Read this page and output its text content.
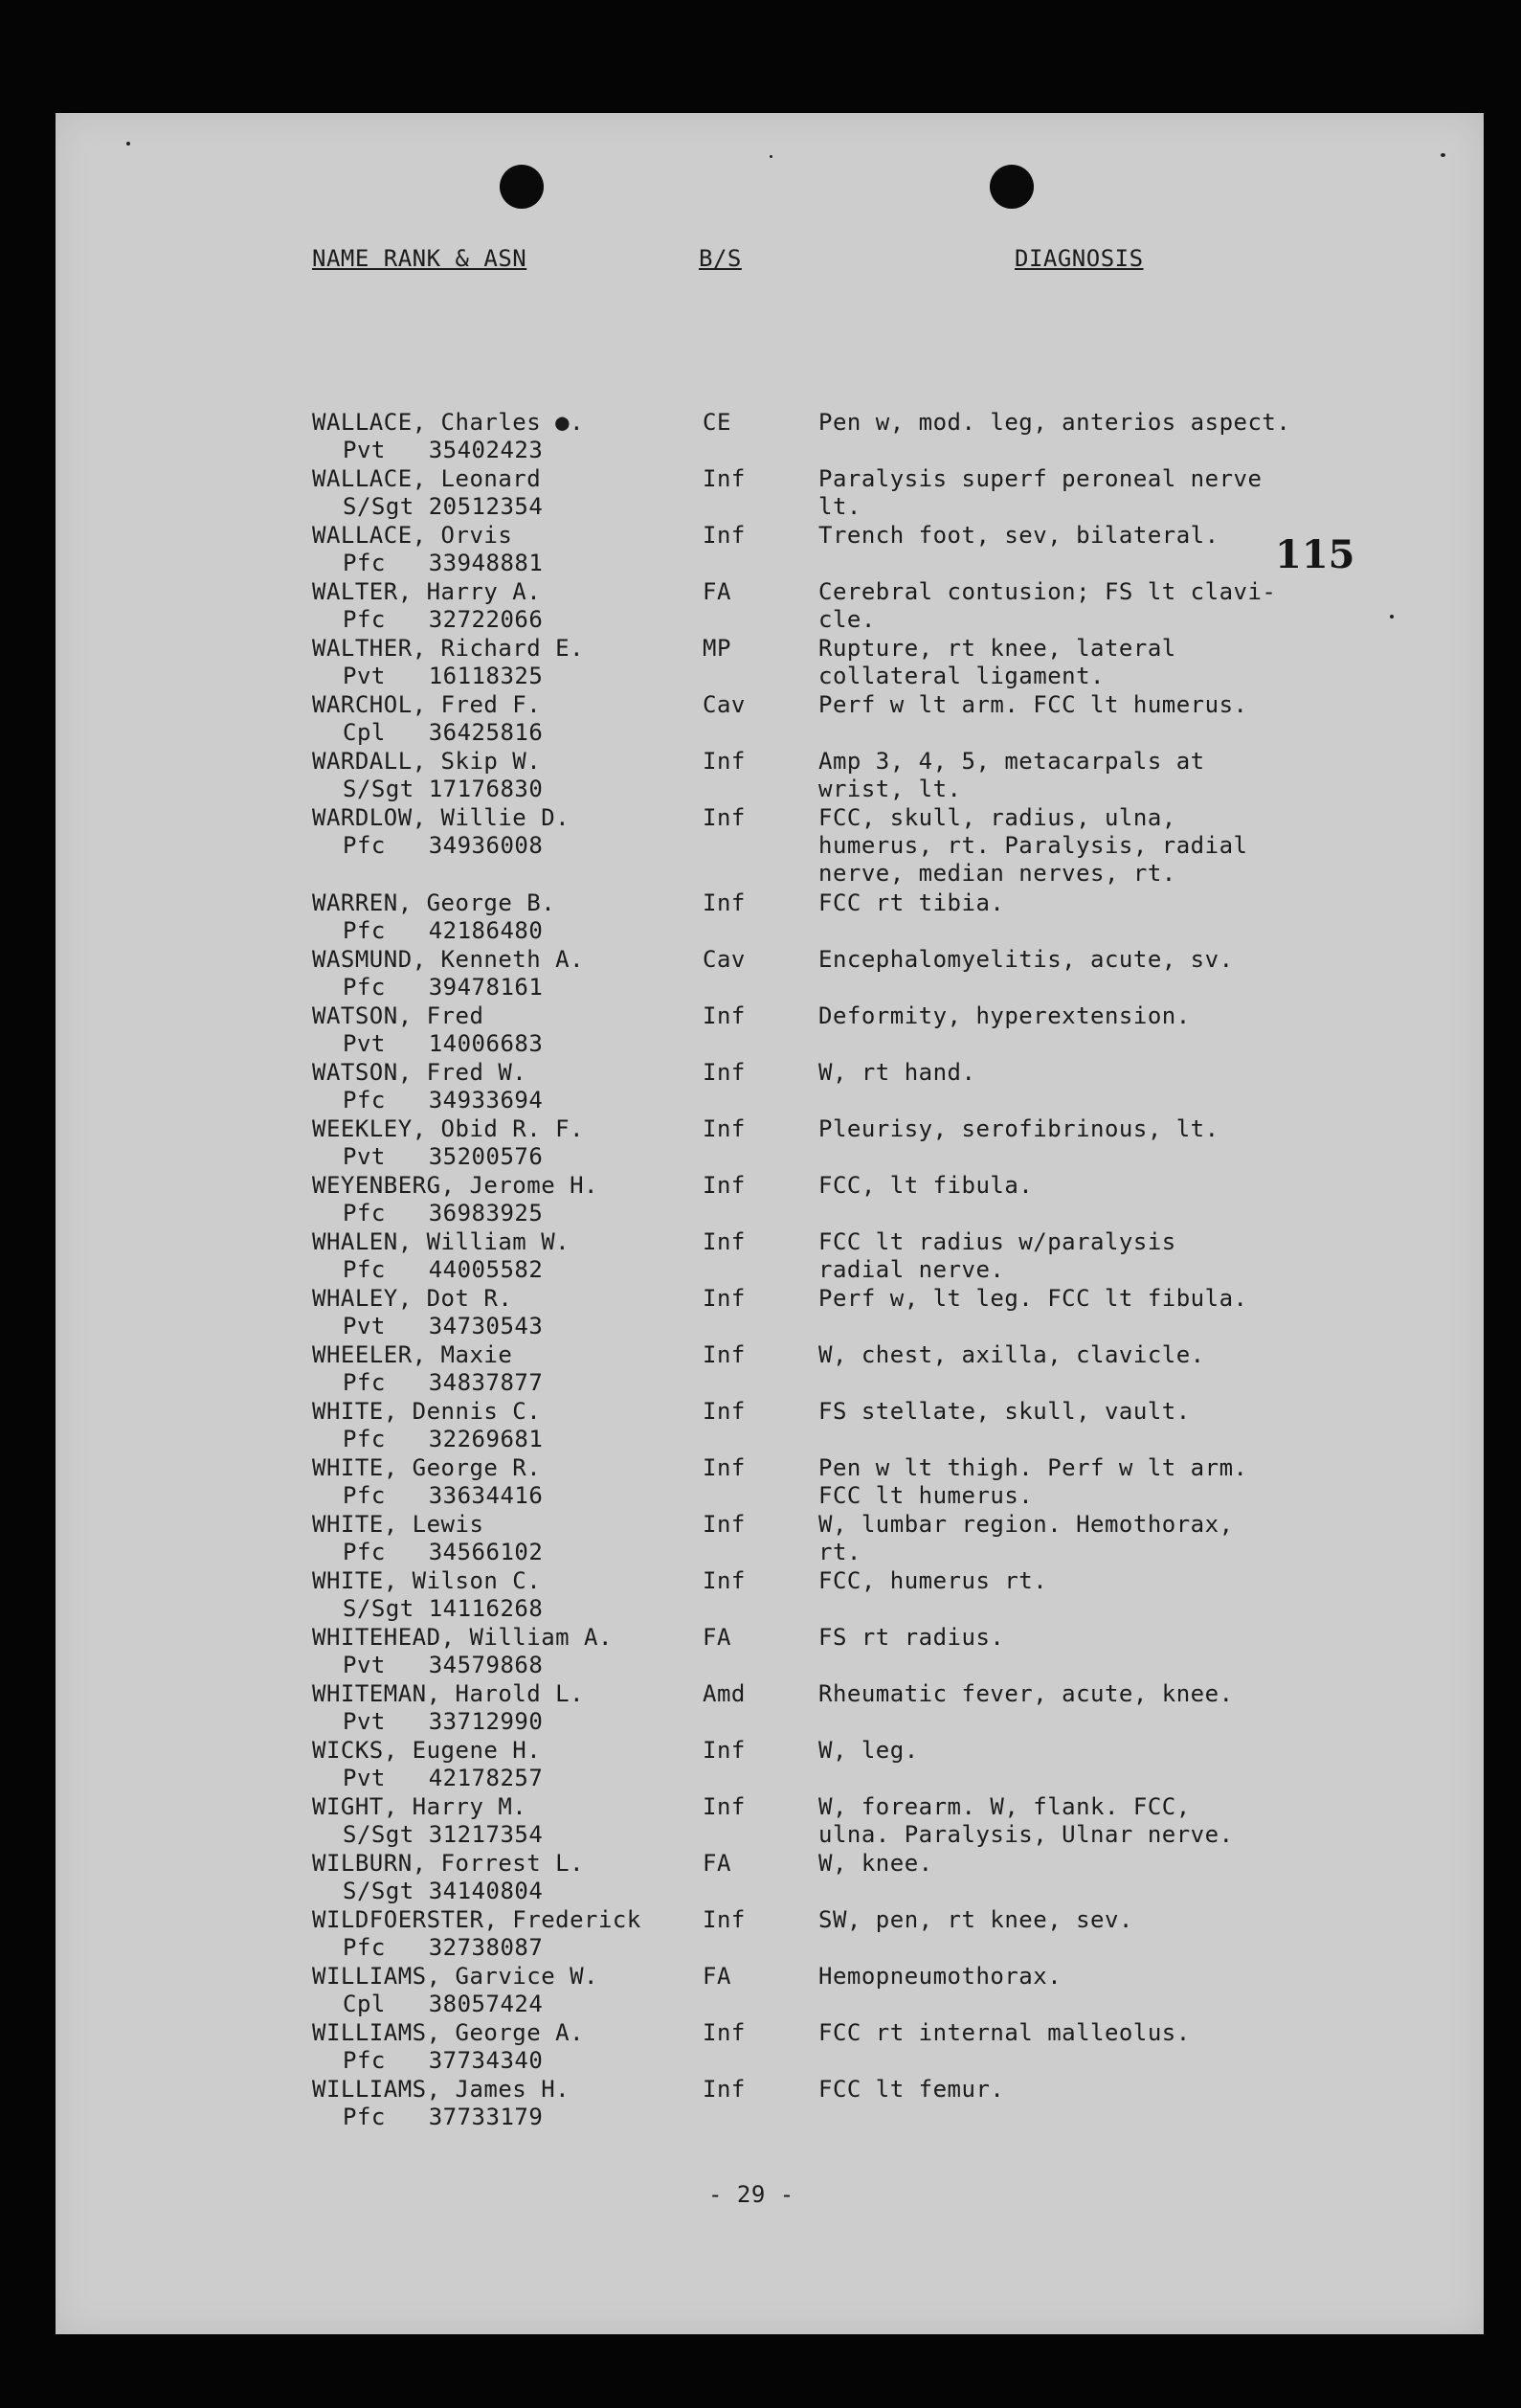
NAME RANK & ASN	B/S	DIAGNOSIS
115
WALLACE, Charles ●.
Pvt   35402423
CE	Pen w, mod. leg, anterios aspect.
WALLACE, Leonard
S/Sgt 20512354
Inf	Paralysis superf peroneal nerve
lt.
WALLACE, Orvis
Pfc   33948881
Inf	Trench foot, sev, bilateral.
WALTER, Harry A.
Pfc   32722066
FA	Cerebral contusion; FS lt clavi-
cle.
WALTHER, Richard E.
Pvt   16118325
MP	Rupture, rt knee, lateral
collateral ligament.
WARCHOL, Fred F.
Cpl   36425816
Cav	Perf w lt arm. FCC lt humerus.
WARDALL, Skip W.
S/Sgt 17176830
Inf	Amp 3, 4, 5, metacarpals at
wrist, lt.
WARDLOW, Willie D.
Pfc   34936008
Inf	FCC, skull, radius, ulna,
humerus, rt. Paralysis, radial
nerve, median nerves, rt.
WARREN, George B.
Pfc   42186480
Inf	FCC rt tibia.
WASMUND, Kenneth A.
Pfc   39478161
Cav	Encephalomyelitis, acute, sv.
WATSON, Fred
Pvt   14006683
Inf	Deformity, hyperextension.
WATSON, Fred W.
Pfc   34933694
Inf	W, rt hand.
WEEKLEY, Obid R. F.
Pvt   35200576
Inf	Pleurisy, serofibrinous, lt.
WEYENBERG, Jerome H.
Pfc   36983925
Inf	FCC, lt fibula.
WHALEN, William W.
Pfc   44005582
Inf	FCC lt radius w/paralysis
radial nerve.
WHALEY, Dot R.
Pvt   34730543
Inf	Perf w, lt leg. FCC lt fibula.
WHEELER, Maxie
Pfc   34837877
Inf	W, chest, axilla, clavicle.
WHITE, Dennis C.
Pfc   32269681
Inf	FS stellate, skull, vault.
WHITE, George R.
Pfc   33634416
Inf	Pen w lt thigh. Perf w lt arm.
FCC lt humerus.
WHITE, Lewis
Pfc   34566102
Inf	W, lumbar region. Hemothorax,
rt.
WHITE, Wilson C.
S/Sgt 14116268
Inf	FCC, humerus rt.
WHITEHEAD, William A.
Pvt   34579868
FA	FS rt radius.
WHITEMAN, Harold L.
Pvt   33712990
Amd	Rheumatic fever, acute, knee.
WICKS, Eugene H.
Pvt   42178257
Inf	W, leg.
WIGHT, Harry M.
S/Sgt 31217354
Inf	W, forearm. W, flank. FCC,
ulna. Paralysis, Ulnar nerve.
WILBURN, Forrest L.
S/Sgt 34140804
FA	W, knee.
WILDFOERSTER, Frederick
Pfc   32738087
Inf	SW, pen, rt knee, sev.
WILLIAMS, Garvice W.
Cpl   38057424
FA	Hemopneumothorax.
WILLIAMS, George A.
Pfc   37734340
Inf	FCC rt internal malleolus.
WILLIAMS, James H.
Pfc   37733179
Inf	FCC lt femur.
- 29 -
